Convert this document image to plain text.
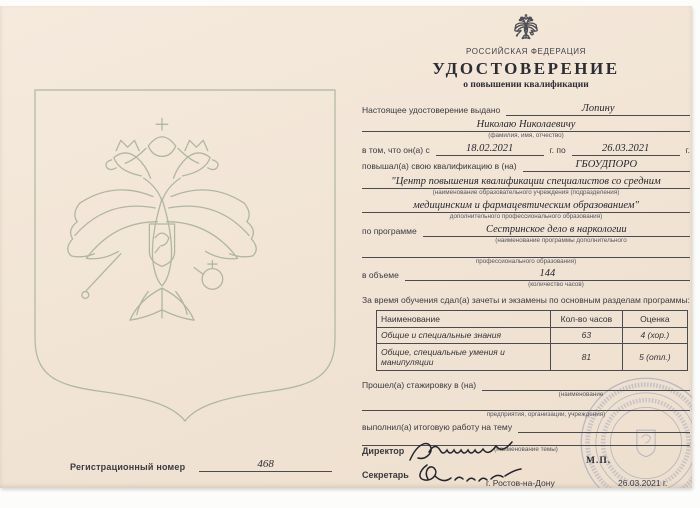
Регистрационный номер	468
РОССИЙСКАЯ ФЕДЕРАЦИЯ
УДОСТОВЕРЕНИЕ
о повышении квалификации
Настоящее удостоверение выдано	Лопину
Николаю Николаевичу
(фамилия, имя, отчество)
в том, что он(а) с	18.02.2021	г. по	26.03.2021	г.
повышал(а) свою квалификацию в (на)	ГБОУДПОРО
"Центр повышения квалификации специалистов со средним
(наименование образовательного учреждения (подразделения)
медицинским и фармацевтическим образованием"
дополнительного профессионального образования)
по программе	Сестринское дело в наркологии
(наименование программы дополнительного
профессионального образования)
в объеме	144
(количество часов)
За время обучения сдал(а) зачеты и экзамены по основным разделам программы:
Наименование	Кол-во часов	Оценка
Общие и специальные знания	63	4 (хор.)
Общие, специальные умения и манипуляции	81	5 (отл.)
Прошел(а) стажировку в (на)
(наименование
предприятия, организации, учреждения)
выполнил(а) итоговую работу на тему
(наименование темы)
Директор
М.П.
Секретарь
г. Ростов-на-Дону	26.03.2021 г.
